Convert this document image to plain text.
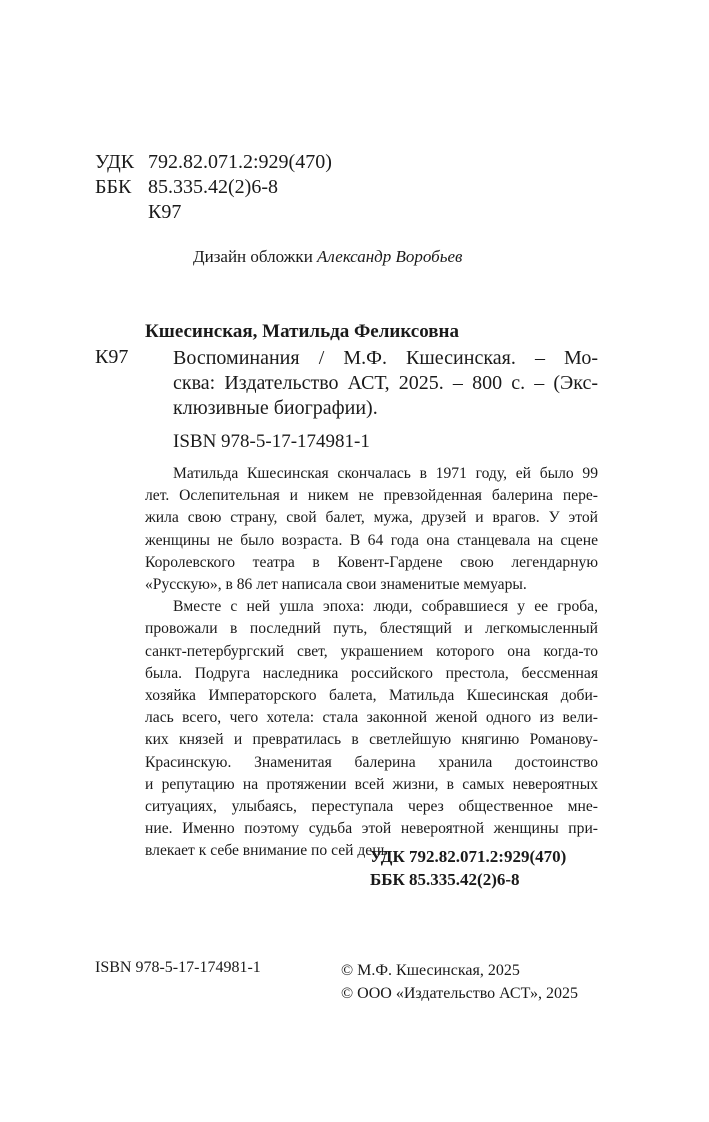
УДК 792.82.071.2:929(470)
ББК 85.335.42(2)6-8
К97
Дизайн обложки Александр Воробьев
Кшесинская, Матильда Феликсовна
К97 Воспоминания / М.Ф. Кшесинская. – Мо-
сква: Издательство АСТ, 2025. – 800 с. – (Экс-
клюзивные биографии).
ISBN 978-5-17-174981-1
Матильда Кшесинская скончалась в 1971 году, ей было 99
лет. Ослепительная и никем не превзойденная балерина пере-
жила свою страну, свой балет, мужа, друзей и врагов. У этой
женщины не было возраста. В 64 года она станцевала на сцене
Королевского театра в Ковент-Гардене свою легендарную
«Русскую», в 86 лет написала свои знаменитые мемуары.
Вместе с ней ушла эпоха: люди, собравшиеся у ее гроба,
провожали в последний путь, блестящий и легкомысленный
санкт-петербургский свет, украшением которого она когда-то
была. Подруга наследника российского престола, бессменная
хозяйка Императорского балета, Матильда Кшесинская доби-
лась всего, чего хотела: стала законной женой одного из вели-
ких князей и превратилась в светлейшую княгиню Романову-
Красинскую. Знаменитая балерина хранила достоинство
и репутацию на протяжении всей жизни, в самых невероятных
ситуациях, улыбаясь, переступала через общественное мне-
ние. Именно поэтому судьба этой невероятной женщины при-
влекает к себе внимание по сей день.
УДК 792.82.071.2:929(470)
ББК 85.335.42(2)6-8
ISBN 978-5-17-174981-1	© М.Ф. Кшесинская, 2025
© ООО «Издательство АСТ», 2025
